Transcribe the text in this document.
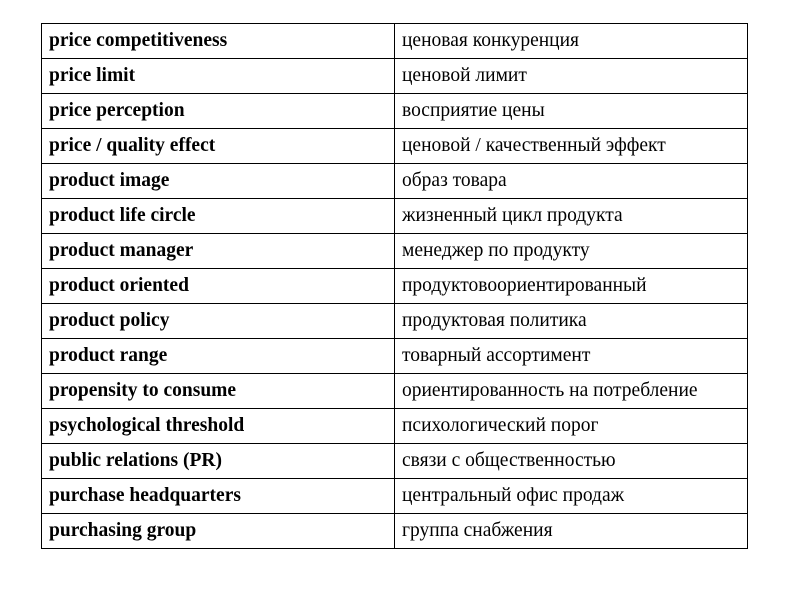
price competitiveness	ценовая конкуренция
price limit	ценовой лимит
price perception	восприятие цены
price / quality effect	ценовой / качественный эффект
product image	образ товара
product life circle	жизненный цикл продукта
product manager	менеджер по продукту
product oriented	продуктовоориентированный
product policy	продуктовая политика
product range	товарный ассортимент
propensity to consume	ориентированность на потребление
psychological threshold	психологический порог
public relations (PR)	связи с общественностью
purchase headquarters	центральный офис продаж
purchasing group	группа снабжения
